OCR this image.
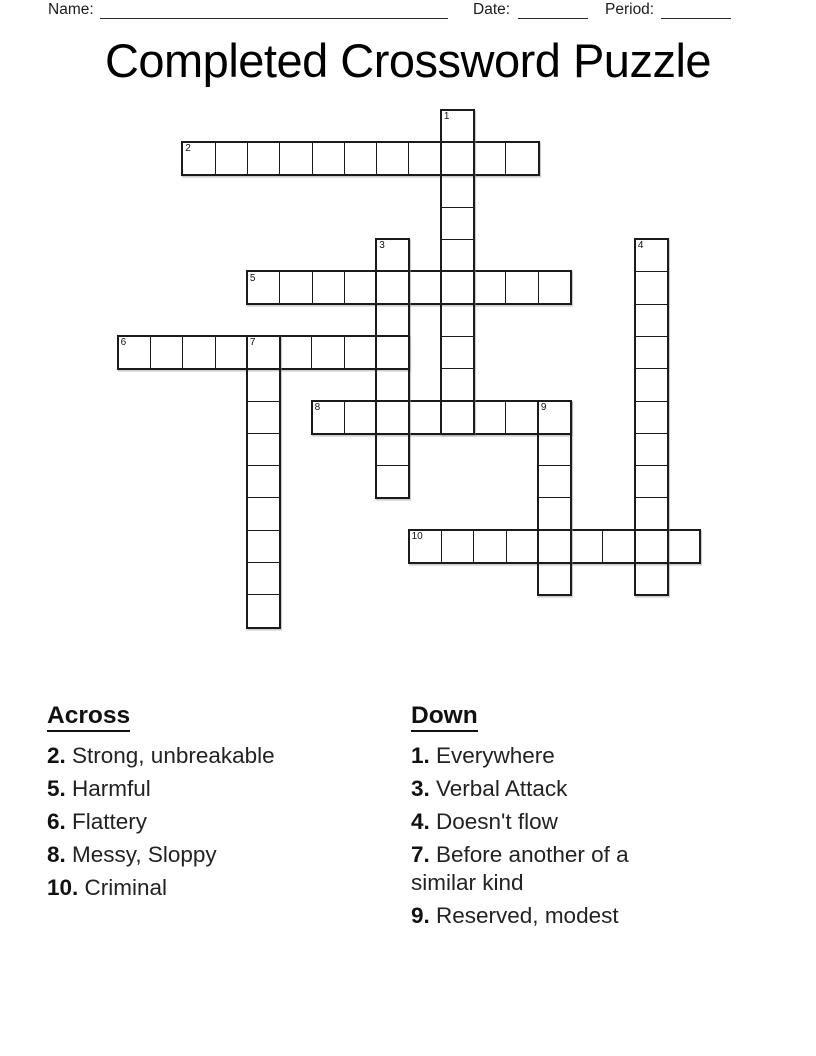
Name:	Date:	Period:
Completed Crossword Puzzle
2
5
6
8
10
1
3	4
7
9
Across
2. Strong, unbreakable
5. Harmful
6. Flattery
8. Messy, Sloppy
10. Criminal
Down
1. Everywhere
3. Verbal Attack
4. Doesn't flow
7. Before another of a similar kind
9. Reserved, modest
